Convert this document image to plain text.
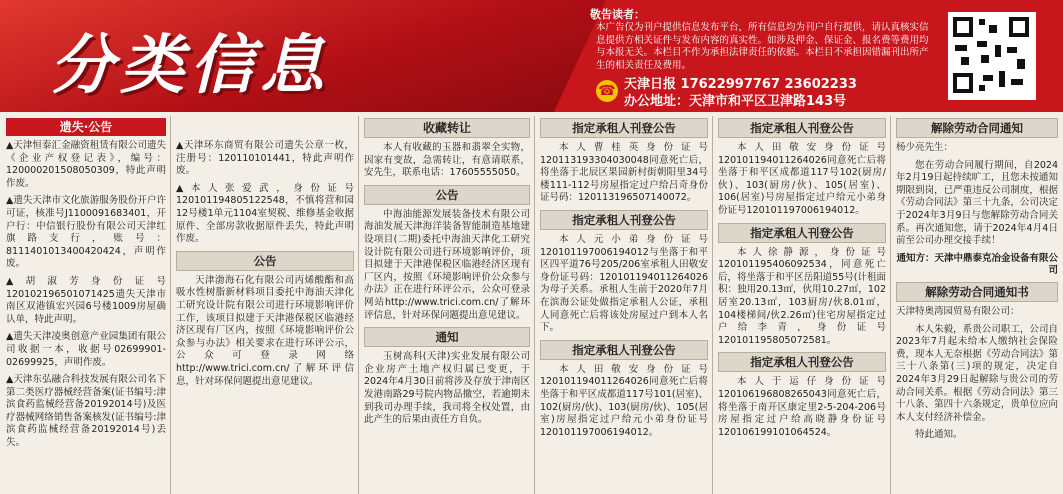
分类信息
敬告读者：
本广告仅为刊户提供信息发布平台，所有信息均为刊户自行提供，请认真核实信息提供方相关证件与发布内容的真实性。如涉及押金、保证金、报名费等费用均与本报无关。本栏目不作为承担法律责任的依据。本栏目不承担因错漏刊出所产生的相关责任及费用。
☎ 天津日报 17622997767 23602233
办公地址：天津市和平区卫津路143号
遗失·公告

▲天津恒泰汇金融资租赁有限公司遗失《企业产权登记表》，编号：120000201508050309，特此声明作废。

▲遗失天津市文化旅游服务股份开户许可证，核准号J1100091683401，开户行：中信银行股份有限公司天津红旗路支行，账号：8111401013400420424，声明作废。

▲胡淑芳身份证号120102196501071425遗失天津市南区双港镇宏兴园6号楼1009房屋确认单，特此声明。

▲遗失天津凌奥创意产业园集团有限公司收据一本，收据号02699901-02699925，声明作废。

▲天津东弘融合科技发展有限公司名下第二类医疗器械经营备案(证书编号:津滨食药监械经营备20192014号)及医疗器械网络销售备案核发(证书编号:津滨食药监械经营备20192014号)丢失。

▲天津环东商贸有限公司遗失公章一枚，注册号：120110101441，特此声明作废。

▲本人张爱武，身份证号120101194805122548，不慎将营和园12号楼1单元1104室契税、维修基金收据原件、全部房款收据原件丢失，特此声明作废。

公告

天津渤海石化有限公司丙烯酸酯和高吸水性树脂新材料项目委托中海油天津化工研究设计院有限公司进行环境影响评价工作，该项目拟建于天津港保税区临港经济区现有厂区内，按照《环境影响评价公众参与办法》相关要求在进行环评公示，公众可登录网络http://www.trici.com.cn/了解环评信息，针对环保问题提出意见建议。

收藏转让

本人有收藏的玉器和翡翠全实物，因家有变故，急需转让，有意请联系，安先生，联系电话：17605555050。

公告

中海油能源发展装备技术有限公司海油发展天津海洋装备智能制造基地建设项目(二期)委托中海油天津化工研究设计院有限公司进行环境影响评价，项目拟建于天津港保税区临港经济区现有厂区内，按照《环境影响评价公众参与办法》正在进行环评公示，公众可登录网站http://www.trici.com.cn/了解环评信息，针对环保问题提出意见建议。

通知

玉树高科(天津)实业发展有限公司企业房产土地产权归属已变更，于2024年4月30日前将涉及存放于津南区发港南路29号院内物品撤空，若逾期未到我司办理手续，我司将全权处置，由此产生的后果由责任方自负。

指定承租人刊登公告

本人曹桂英身份证号120113193304030048同意死亡后，将坐落于北辰区果园新村街朝阳里34号楼111-112号房屋指定过户给吕奇身份证号码：120113196507140072。

指定承租人刊登公告

本人元小弟身份证号120101197006194012与坐落于和平区四平道76号205/206室承租人田敬安身份证号码：120101194011264026为母子关系。承租人生前于2020年7月在滨海公证处做指定承租人公证，承租人同意死亡后将该处房屋过户到本人名下。

指定承租人刊登公告

本人田敬安身份证号120101194011264026同意死亡后将坐落于和平区成都道117号101(居室)、102(厨房/伙)、103(厨房/伙)、105(居室)房屋指定过户给元小弟身份证号120101197006194012。

指定承租人刊登公告

本人田敬安身份证号120101194011264026同意死亡后将坐落于和平区成都道117号102(厨房/伙)、103(厨房/伙)、105(居室)、106(居室)号房屋指定过户给元小弟身份证号120101197006194012。

指定承租人刊登公告

本人徐静源，身份证号120101195406092534，同意死亡后，将坐落于和平区岳阳道55号(计租面积：独用20.13㎡，伙用10.27㎡，102居室20.13㎡，103厨房/伙8.01㎡，104楼梯间/伙2.26㎡)住宅房屋指定过户给李青，身份证号120101195805072581。

指定承租人刊登公告

本人于运仔身份证号120106196808265043同意死亡后，将坐落于南开区康定里2-5-204-206号房屋指定过户给高晓静身份证号120106199101064524。

解除劳动合同通知

杨少亮先生：

您在劳动合同履行期间，自2024年2月19日起持续旷工，且您未按通知期限到岗，已严重违反公司制度，根据《劳动合同法》第三十九条，公司决定于2024年3月9日与您解除劳动合同关系。再次通知您，请于2024年4月4日前至公司办理交接手续！

通知方：天津中鼎泰克冶金设备有限公司

解除劳动合同通知书

天津特奥湾园贸易有限公司：

本人朱毅，系贵公司职工，公司自2023年7月起未给本人缴纳社会保险费，现本人无奈根据《劳动合同法》第三十八条第(三)项的规定，决定自2024年3月29日起解除与贵公司的劳动合同关系。根据《劳动合同法》第三十八条、第四十六条规定，贵单位应向本人支付经济补偿金。

特此通知。
